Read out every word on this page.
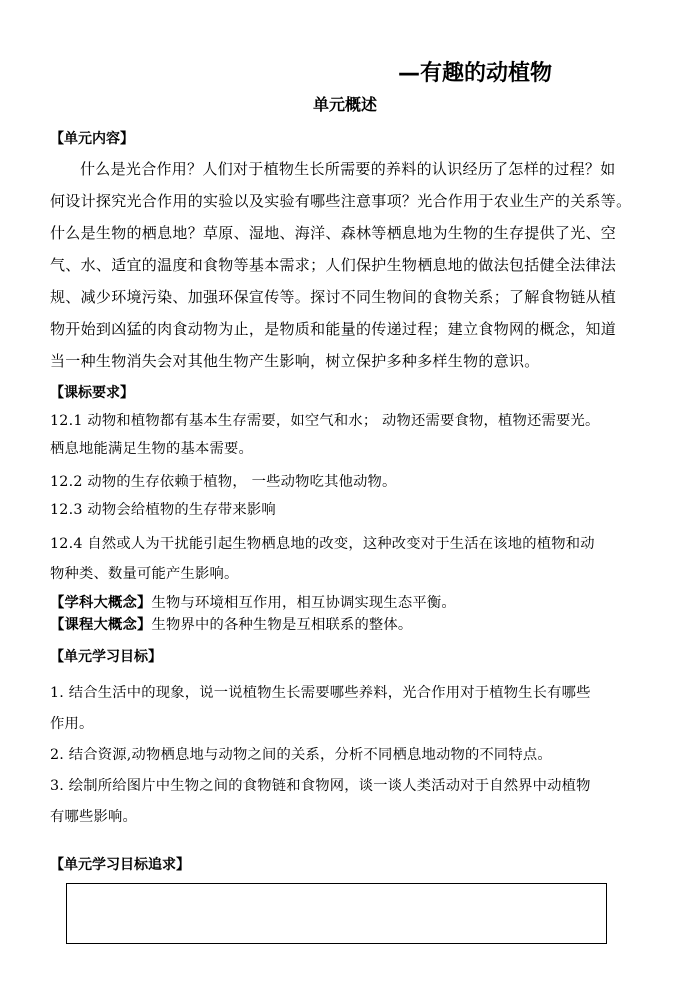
—有趣的动植物
单元概述
【单元内容】
什么是光合作用？人们对于植物生长所需要的养料的认识经历了怎样的过程？如
何设计探究光合作用的实验以及实验有哪些注意事项？光合作用于农业生产的关系等。
什么是生物的栖息地？草原、湿地、海洋、森林等栖息地为生物的生存提供了光、空
气、水、适宜的温度和食物等基本需求；人们保护生物栖息地的做法包括健全法律法
规、减少环境污染、加强环保宣传等。探讨不同生物间的食物关系；了解食物链从植
物开始到凶猛的肉食动物为止，是物质和能量的传递过程；建立食物网的概念，知道
当一种生物消失会对其他生物产生影响，树立保护多种多样生物的意识。
【课标要求】
12.1 动物和植物都有基本生存需要，如空气和水； 动物还需要食物，植物还需要光。
栖息地能满足生物的基本需要。
12.2 动物的生存依赖于植物， 一些动物吃其他动物。
12.3 动物会给植物的生存带来影响
12.4 自然或人为干扰能引起生物栖息地的改变，这种改变对于生活在该地的植物和动
物种类、数量可能产生影响。
【学科大概念】生物与环境相互作用，相互协调实现生态平衡。
【课程大概念】生物界中的各种生物是互相联系的整体。
【单元学习目标】
1. 结合生活中的现象，说一说植物生长需要哪些养料，光合作用对于植物生长有哪些
作用。
2. 结合资源,动物栖息地与动物之间的关系，分析不同栖息地动物的不同特点。
3. 绘制所给图片中生物之间的食物链和食物网，谈一谈人类活动对于自然界中动植物
有哪些影响。
【单元学习目标追求】
